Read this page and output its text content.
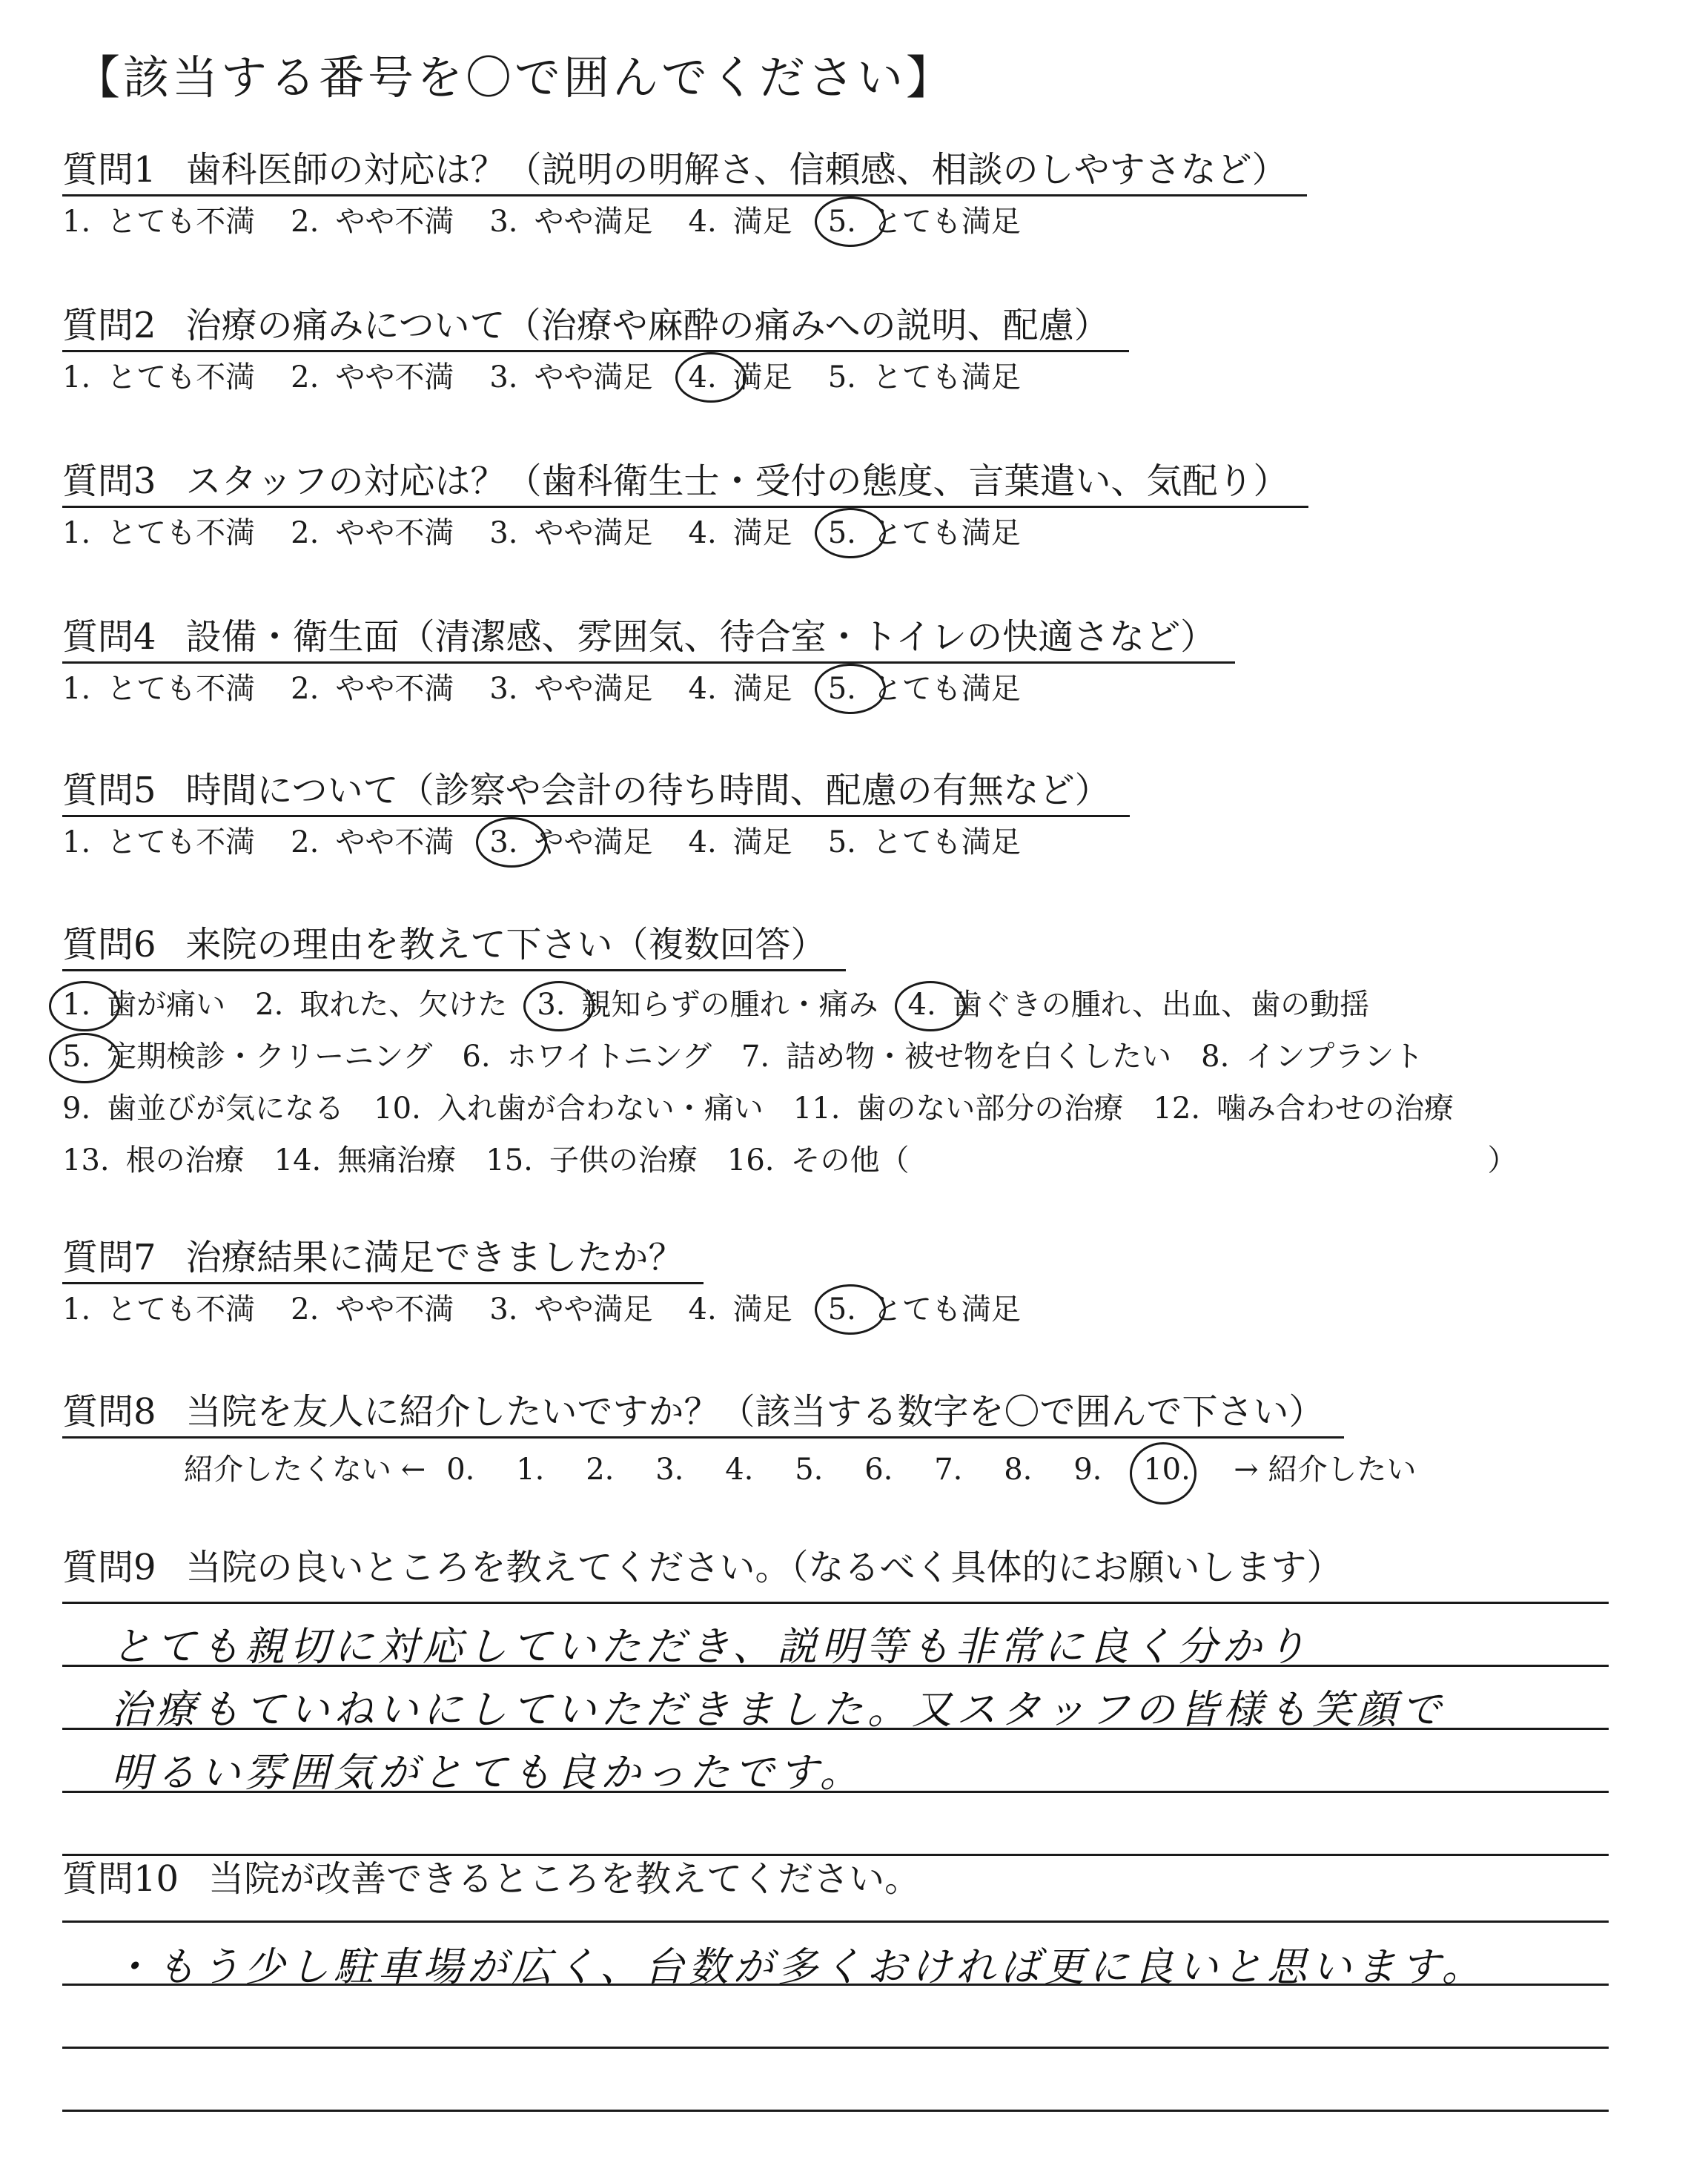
【該当する番号を〇で囲んでください】
質問1 歯科医師の対応は？（説明の明解さ、信頼感、相談のしやすさなど）
1. とても不満 2. やや不満 3. やや満足 4. 満足 5. とても満足
質問2 治療の痛みについて（治療や麻酔の痛みへの説明、配慮）
1. とても不満 2. やや不満 3. やや満足 4. 満足 5. とても満足
質問3 スタッフの対応は？（歯科衛生士・受付の態度、言葉遣い、気配り）
1. とても不満 2. やや不満 3. やや満足 4. 満足 5. とても満足
質問4 設備・衛生面（清潔感、雰囲気、待合室・トイレの快適さなど）
1. とても不満 2. やや不満 3. やや満足 4. 満足 5. とても満足
質問5 時間について（診察や会計の待ち時間、配慮の有無など）
1. とても不満 2. やや不満 3. やや満足 4. 満足 5. とても満足
質問6 来院の理由を教えて下さい（複数回答）
1. 歯が痛い 2. 取れた、欠けた 3. 親知らずの腫れ・痛み 4. 歯ぐきの腫れ、出血、歯の動揺
5. 定期検診・クリーニング 6. ホワイトニング 7. 詰め物・被せ物を白くしたい 8. インプラント
9. 歯並びが気になる 10. 入れ歯が合わない・痛い 11. 歯のない部分の治療 12. 噛み合わせの治療
13. 根の治療 14. 無痛治療 15. 子供の治療 16. その他（	）
質問7 治療結果に満足できましたか？
1. とても不満 2. やや不満 3. やや満足 4. 満足 5. とても満足
質問8 当院を友人に紹介したいですか？（該当する数字を〇で囲んで下さい）
紹介したくない ← 0. 1. 2. 3. 4. 5. 6. 7. 8. 9. 10. → 紹介したい
質問9 当院の良いところを教えてください。（なるべく具体的にお願いします）
とても親切に対応していただき、説明等も非常に良く分かり
治療もていねいにしていただきました。又スタッフの皆様も笑顔で
明るい雰囲気がとても良かったです。
質問10 当院が改善できるところを教えてください。
・もう少し駐車場が広く、台数が多くおければ更に良いと思います。
